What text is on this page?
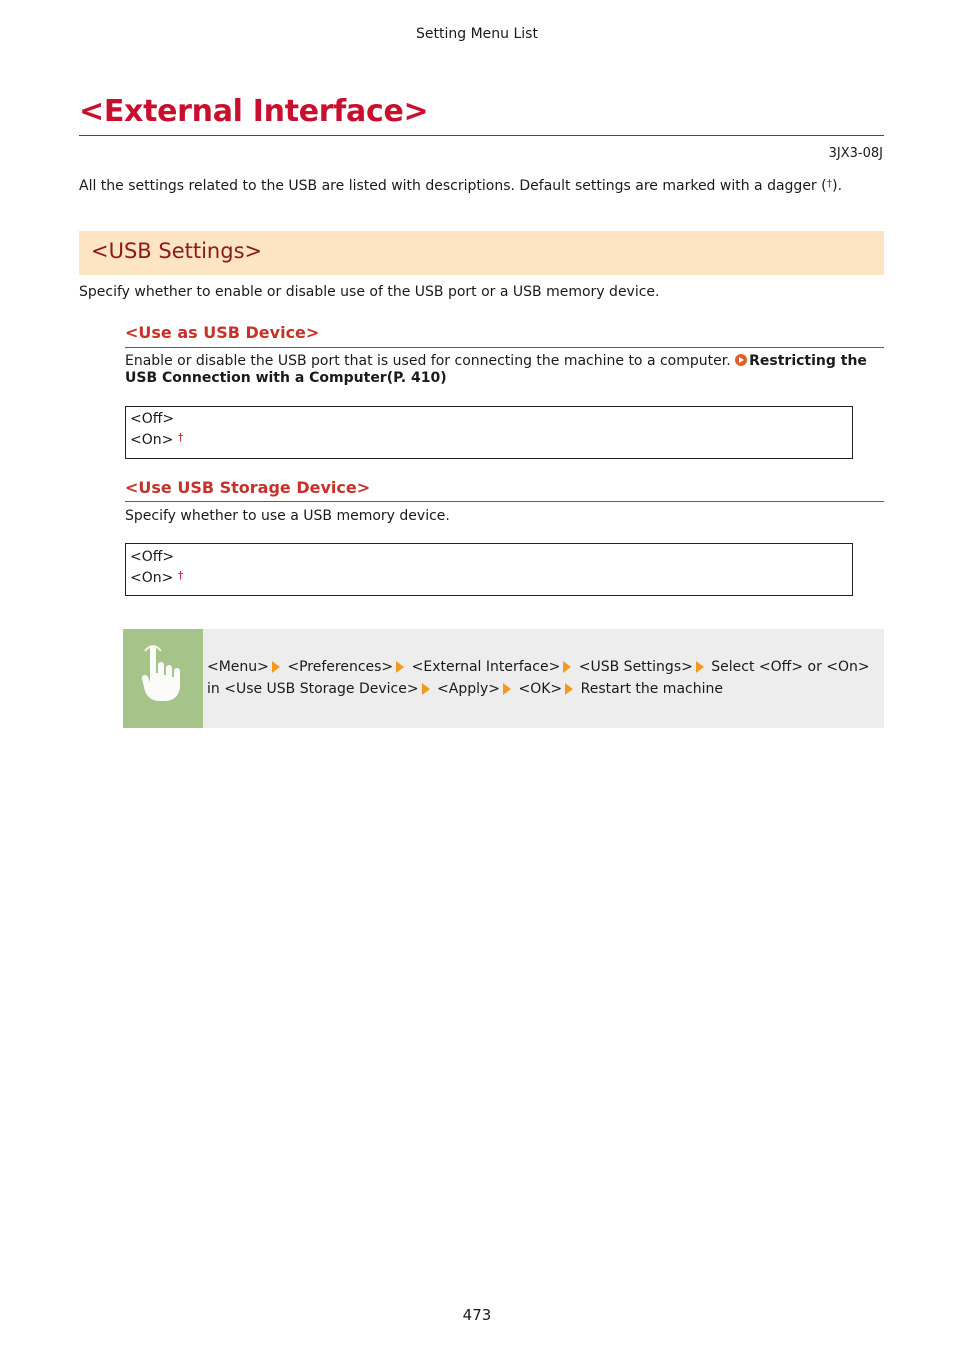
Setting Menu List
<External Interface>
3JX3-08J
All the settings related to the USB are listed with descriptions. Default settings are marked with a dagger (†).
<USB Settings>
Specify whether to enable or disable use of the USB port or a USB memory device.
<Use as USB Device>
Enable or disable the USB port that is used for connecting the machine to a computer. Restricting the USB Connection with a Computer(P. 410)
<Off>
<On> †
<Use USB Storage Device>
Specify whether to use a USB memory device.
<Off>
<On> †
<Menu> <Preferences> <External Interface> <USB Settings> Select <Off> or <On> in <Use USB Storage Device> <Apply> <OK> Restart the machine
473
